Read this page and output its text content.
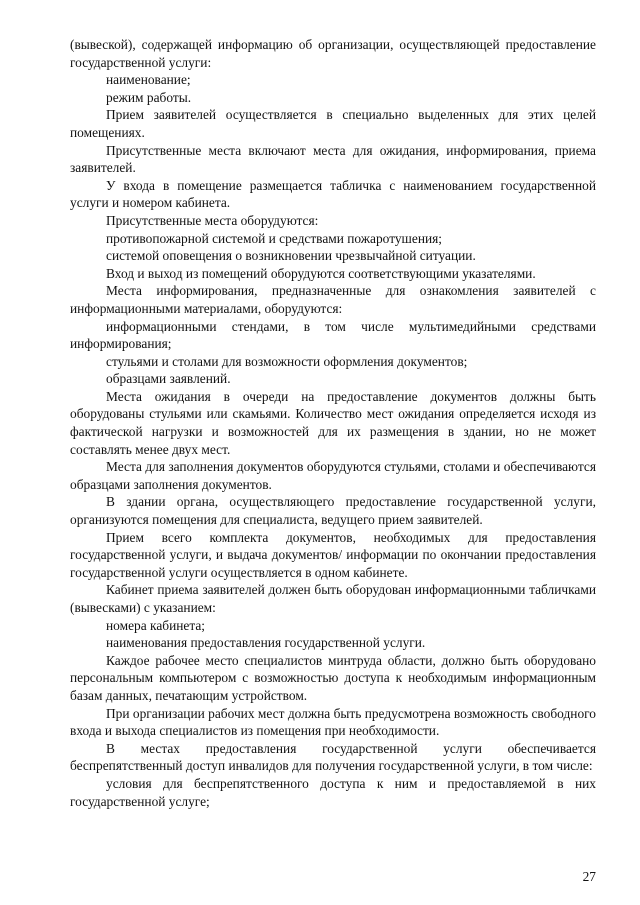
(вывеской), содержащей информацию об организации, осуществляющей предоставление государственной услуги:

наименование;

режим работы.

Прием заявителей осуществляется в специально выделенных для этих целей помещениях.

Присутственные места включают места для ожидания, информирования, приема заявителей.

У входа в помещение размещается табличка с наименованием государственной услуги и номером кабинета.

Присутственные места оборудуются:

противопожарной системой и средствами пожаротушения;

системой оповещения о возникновении чрезвычайной ситуации.

Вход и выход из помещений оборудуются соответствующими указателями.

Места информирования, предназначенные для ознакомления заявителей с информационными материалами, оборудуются:

информационными стендами, в том числе мультимедийными средствами информирования;

стульями и столами для возможности оформления документов;

образцами заявлений.

Места ожидания в очереди на предоставление документов должны быть оборудованы стульями или скамьями. Количество мест ожидания определяется исходя из фактической нагрузки и возможностей для их размещения в здании, но не может составлять менее двух мест.

Места для заполнения документов оборудуются стульями, столами и обеспечиваются образцами заполнения документов.

В здании органа, осуществляющего предоставление государственной услуги, организуются помещения для специалиста, ведущего прием заявителей.

Прием всего комплекта документов, необходимых для предоставления государственной услуги, и выдача документов/ информации по окончании предоставления государственной услуги осуществляется в одном кабинете.

Кабинет приема заявителей должен быть оборудован информационными табличками (вывесками) с указанием:

номера кабинета;

наименования предоставления государственной услуги.

Каждое рабочее место специалистов минтруда области, должно быть оборудовано персональным компьютером с возможностью доступа к необходимым информационным базам данных, печатающим устройством.

При организации рабочих мест должна быть предусмотрена возможность свободного входа и выхода специалистов из помещения при необходимости.

В местах предоставления государственной услуги обеспечивается беспрепятственный доступ инвалидов для получения государственной услуги, в том числе:

условия для беспрепятственного доступа к ним и предоставляемой в них государственной услуге;

27
